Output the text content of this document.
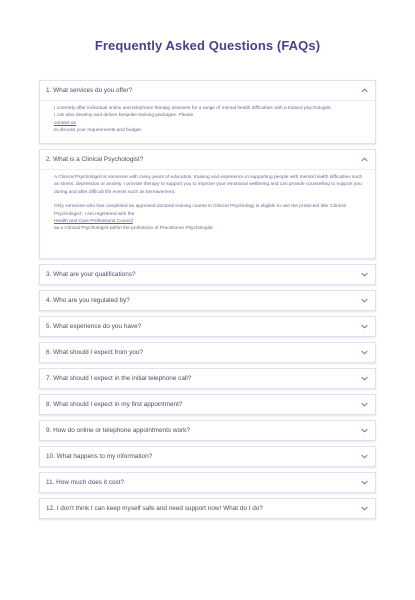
Frequently Asked Questions (FAQs)
1. What services do you offer?

I currently offer individual online and telephone therapy sessions for a range of mental health difficulties with a trained psychologist.

I can also develop and deliver bespoke training packages. Please

contact us

to discuss your requirements and budget.

2. What is a Clinical Psychologist?

A Clinical Psychologist is someone with many years of education, training and experience in supporting people with mental health difficulties such as stress, depression or anxiety. I provide therapy to support you to improve your emotional wellbeing and can provide counselling to support you during and after difficult life events such as bereavement.

Only someone who has completed an approved doctoral training course in Clinical Psychology is eligible to use the protected title 'Clinical Psychologist'. I am registered with the

Health and Care Professions Council

as a Clinical Psychologist within the profession of Practitioner Psychologist.

3. What are your qualifications?
4. Who are you regulated by?
5. What experience do you have?
6. What should I expect from you?
7. What should I expect in the initial telephone call?
8. What should I expect in my first appointment?
9. How do online or telephone appointments work?
10. What happens to my information?
11. How much does it cost?
12. I don't think I can keep myself safe and need support now! What do I do?
